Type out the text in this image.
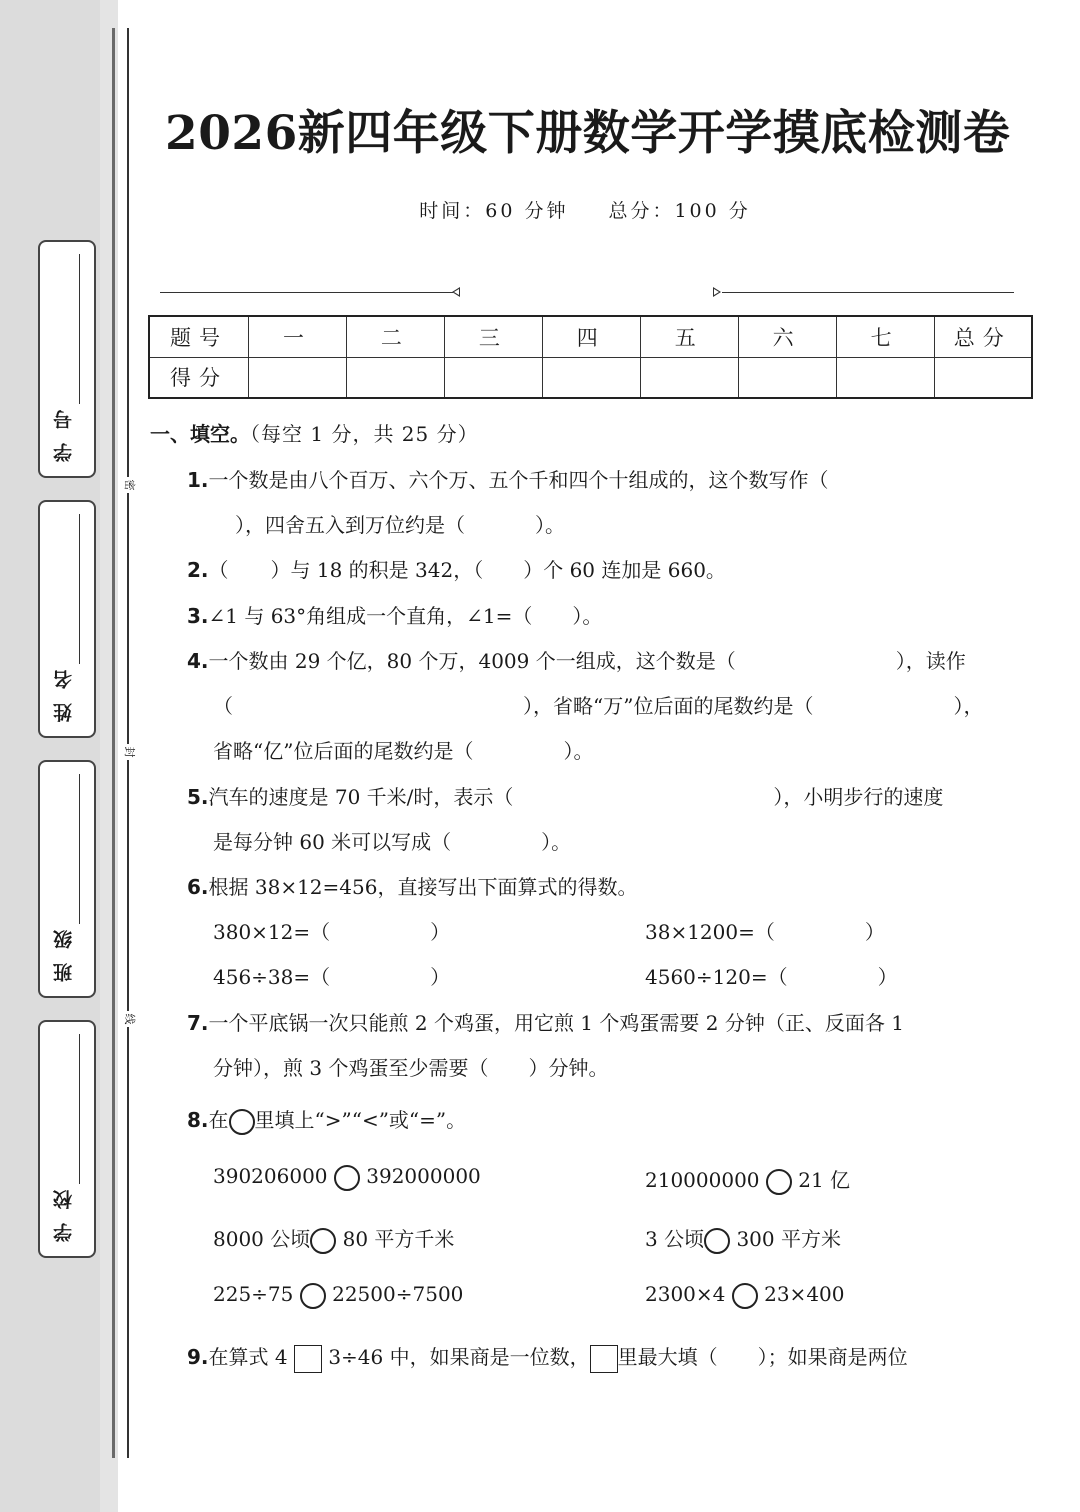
学号
姓名
班级
学校
密
封
线
2026新四年级下册数学开学摸底检测卷
时间：60 分钟 总分：100 分
题号	一	二	三	四	五	六	七	总分
得分								
一、填空。（每空 1 分，共 25 分）
1.一个数是由八个百万、六个万、五个千和四个十组成的，这个数写作（
），四舍五入到万位约是（	）。
2.（ ）与 18 的积是 342，（ ）个 60 连加是 660。
3.∠1 与 63°角组成一个直角，∠1=（ ）。
4.一个数由 29 个亿，80 个万，4009 个一组成，这个数是（	），读作
（	），省略“万”位后面的尾数约是（	），
省略“亿”位后面的尾数约是（	）。
5.汽车的速度是 70 千米/时，表示（	），小明步行的速度
是每分钟 60 米可以写成（	）。
6.根据 38×12=456，直接写出下面算式的得数。
380×12=（	）	38×1200=（	）
456÷38=（	）	4560÷120=（	）
7.一个平底锅一次只能煎 2 个鸡蛋，用它煎 1 个鸡蛋需要 2 分钟（正、反面各 1
分钟），煎 3 个鸡蛋至少需要（ ）分钟。
8.在 里填上“>”“<”或“=”。
390206000 392000000	210000000 21 亿
8000 公顷 80 平方千米	3 公顷 300 平方米
225÷75 22500÷7500	2300×4 23×400
9.在算式 4 3÷46 中，如果商是一位数， 里最大填（ ）；如果商是两位
